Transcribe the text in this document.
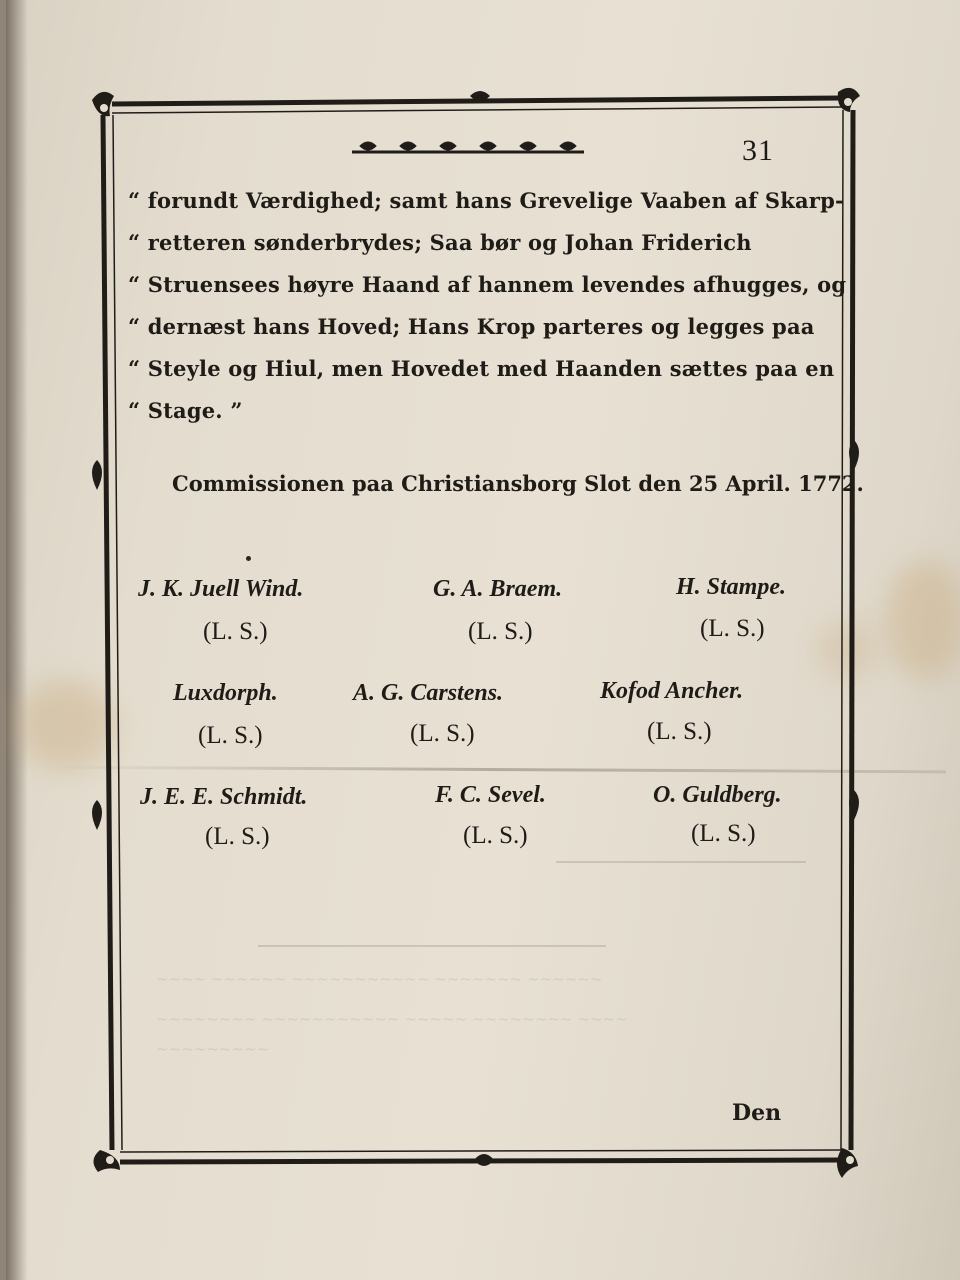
~~~~ ~~~~~~ ~~~~~~~~~~~ ~~~~~~~ ~~~~~~
~~~~~~~~ ~~~~~~~~~~~ ~~~~~ ~~~~~~~~ ~~~~
~~~~~~~~~
31
“ forundt Værdighed; samt hans Grevelige Vaaben af Skarp-
“ retteren sønderbrydes; Saa bør og Johan Friderich
“ Struensees høyre Haand af hannem levendes afhugges, og
“ dernæst hans Hoved; Hans Krop parteres og legges paa
“ Steyle og Hiul, men Hovedet med Haanden sættes paa en
“ Stage. ”
Commissionen paa Christiansborg Slot den 25 April. 1772.
J. K. Juell Wind.
(L. S.)
G. A. Braem.
(L. S.)
H. Stampe.
(L. S.)
Luxdorph.
(L. S.)
A. G. Carstens.
(L. S.)
Kofod Ancher.
(L. S.)
J. E. E. Schmidt.
(L. S.)
F. C. Sevel.
(L. S.)
O. Guldberg.
(L. S.)
Den
